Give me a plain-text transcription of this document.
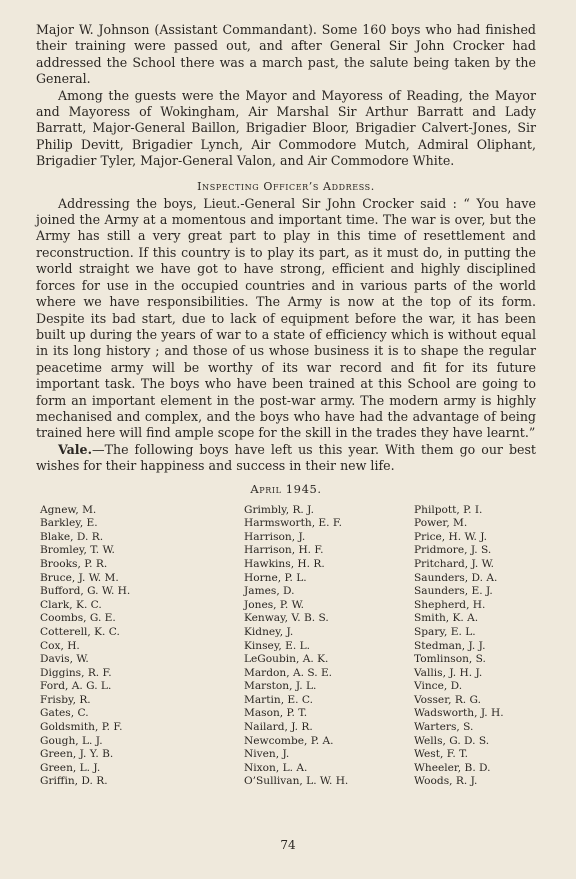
Major W. Johnson (Assistant Commandant). Some 160 boys who had finished their training were passed out, and after General Sir John Crocker had addressed the School there was a march past, the salute being taken by the General.

Among the guests were the Mayor and Mayoress of Reading, the Mayor and Mayoress of Wokingham, Air Marshal Sir Arthur Barratt and Lady Barratt, Major-General Baillon, Brigadier Bloor, Brigadier Calvert-Jones, Sir Philip Devitt, Brigadier Lynch, Air Commodore Mutch, Admiral Oliphant, Brigadier Tyler, Major-General Valon, and Air Commodore White.

Inspecting Officer’s Address.

Addressing the boys, Lieut.-General Sir John Crocker said : “ You have joined the Army at a momentous and important time. The war is over, but the Army has still a very great part to play in this time of resettlement and reconstruction. If this country is to play its part, as it must do, in putting the world straight we have got to have strong, efficient and highly disciplined forces for use in the occupied countries and in various parts of the world where we have responsibilities. The Army is now at the top of its form. Despite its bad start, due to lack of equipment before the war, it has been built up during the years of war to a state of efficiency which is without equal in its long history ; and those of us whose business it is to shape the regular peacetime army will be worthy of its war record and fit for its future important task. The boys who have been trained at this School are going to form an important element in the post-war army. The modern army is highly mechanised and complex, and the boys who have had the advantage of being trained here will find ample scope for the skill in the trades they have learnt.”

Vale.—The following boys have left us this year. With them go our best wishes for their happiness and success in their new life.

April 1945.
Agnew, M.
Barkley, E.
Blake, D. R.
Bromley, T. W.
Brooks, P. R.
Bruce, J. W. M.
Bufford, G. W. H.
Clark, K. C.
Coombs, G. E.
Cotterell, K. C.
Cox, H.
Davis, W.
Diggins, R. F.
Ford, A. G. L.
Frisby, R.
Gates, C.
Goldsmith, P. F.
Gough, L. J.
Green, J. Y. B.
Green, L. J.
Griffin, D. R.
Grimbly, R. J.
Harmsworth, E. F.
Harrison, J.
Harrison, H. F.
Hawkins, H. R.
Horne, P. L.
James, D.
Jones, P. W.
Kenway, V. B. S.
Kidney, J.
Kinsey, E. L.
LeGoubin, A. K.
Mardon, A. S. E.
Marston, J. L.
Martin, E. C.
Mason, P. T.
Nailard, J. R.
Newcombe, P. A.
Niven, J.
Nixon, L. A.
O’Sullivan, L. W. H.
Philpott, P. I.
Power, M.
Price, H. W. J.
Pridmore, J. S.
Pritchard, J. W.
Saunders, D. A.
Saunders, E. J.
Shepherd, H.
Smith, K. A.
Spary, E. L.
Stedman, J. J.
Tomlinson, S.
Vallis, J. H. J.
Vince, D.
Vosser, R. G.
Wadsworth, J. H.
Warters, S.
Wells, G. D. S.
West, F. T.
Wheeler, B. D.
Woods, R. J.
74
